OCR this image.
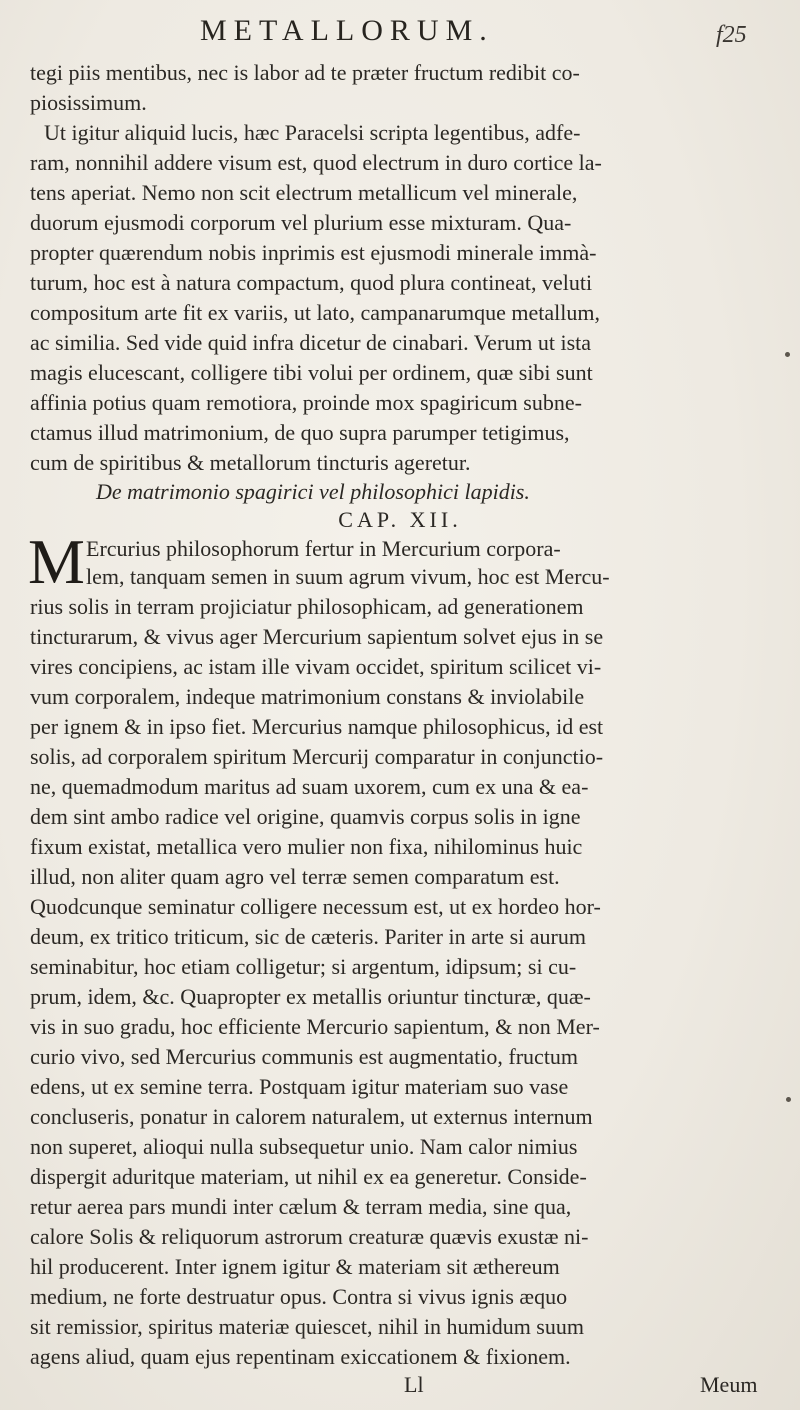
METALLORUM.	f25
tegi piis mentibus, nec is labor ad te præter fructum redibit co-
piosissimum.
Ut igitur aliquid lucis, hæc Paracelsi scripta legentibus, adfe-
ram, nonnihil addere visum est, quod electrum in duro cortice la-
tens aperiat. Nemo non scit electrum metallicum vel minerale,
duorum ejusmodi corporum vel plurium esse mixturam. Qua-
propter quærendum nobis inprimis est ejusmodi minerale immà-
turum, hoc est à natura compactum, quod plura contineat, veluti
compositum arte fit ex variis, ut lato, campanarumque metallum,
ac similia. Sed vide quid infra dicetur de cinabari. Verum ut ista
magis elucescant, colligere tibi volui per ordinem, quæ sibi sunt
affinia potius quam remotiora, proinde mox spagiricum subne-
ctamus illud matrimonium, de quo supra parumper tetigimus,
cum de spiritibus & metallorum tincturis ageretur.
De matrimonio spagirici vel philosophici lapidis.
CAP. XII.
M Ercurius philosophorum fertur in Mercurium corpora-
lem, tanquam semen in suum agrum vivum, hoc est Mercu-
rius solis in terram projiciatur philosophicam, ad generationem
tincturarum, & vivus ager Mercurium sapientum solvet ejus in se
vires concipiens, ac istam ille vivam occidet, spiritum scilicet vi-
vum corporalem, indeque matrimonium constans & inviolabile
per ignem & in ipso fiet. Mercurius namque philosophicus, id est
solis, ad corporalem spiritum Mercurij comparatur in conjunctio-
ne, quemadmodum maritus ad suam uxorem, cum ex una & ea-
dem sint ambo radice vel origine, quamvis corpus solis in igne
fixum existat, metallica vero mulier non fixa, nihilominus huic
illud, non aliter quam agro vel terræ semen comparatum est.
Quodcunque seminatur colligere necessum est, ut ex hordeo hor-
deum, ex tritico triticum, sic de cæteris. Pariter in arte si aurum
seminabitur, hoc etiam colligetur; si argentum, idipsum; si cu-
prum, idem, &c. Quapropter ex metallis oriuntur tincturæ, quæ-
vis in suo gradu, hoc efficiente Mercurio sapientum, & non Mer-
curio vivo, sed Mercurius communis est augmentatio, fructum
edens, ut ex semine terra. Postquam igitur materiam suo vase
concluseris, ponatur in calorem naturalem, ut externus internum
non superet, alioqui nulla subsequetur unio. Nam calor nimius
dispergit aduritque materiam, ut nihil ex ea generetur. Conside-
retur aerea pars mundi inter cælum & terram media, sine qua,
calore Solis & reliquorum astrorum creaturæ quævis exustæ ni-
hil producerent. Inter ignem igitur & materiam sit æthereum
medium, ne forte destruatur opus. Contra si vivus ignis æquo
sit remissior, spiritus materiæ quiescet, nihil in humidum suum
agens aliud, quam ejus repentinam exiccationem & fixionem.
Ll	Meum
